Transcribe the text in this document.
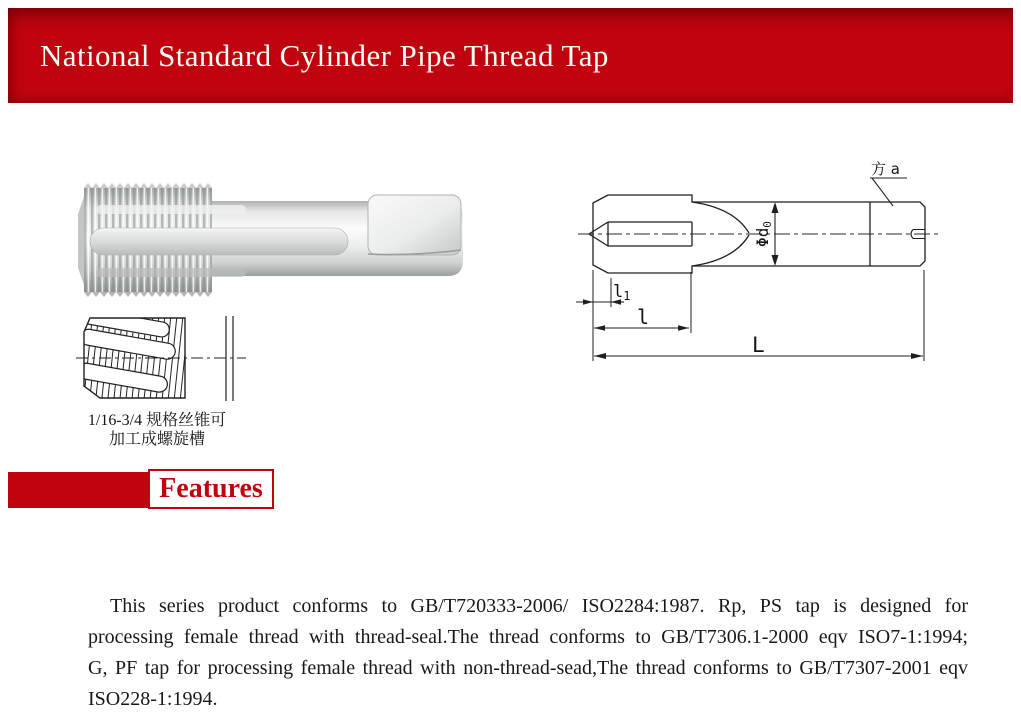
National Standard Cylinder Pipe Thread Tap
1/16-3/4 规格丝锥可
加工成螺旋槽
方 a
Φd0
l1
l
L
Features
This series product conforms to GB/T720333-2006/ ISO2284:1987. Rp, PS tap is designed for
processing female thread with thread-seal.The thread conforms to GB/T7306.1-2000 eqv ISO7-1:1994;
G, PF tap for processing female thread with non-thread-sead,The thread conforms to GB/T7307-2001 eqv
ISO228-1:1994.
